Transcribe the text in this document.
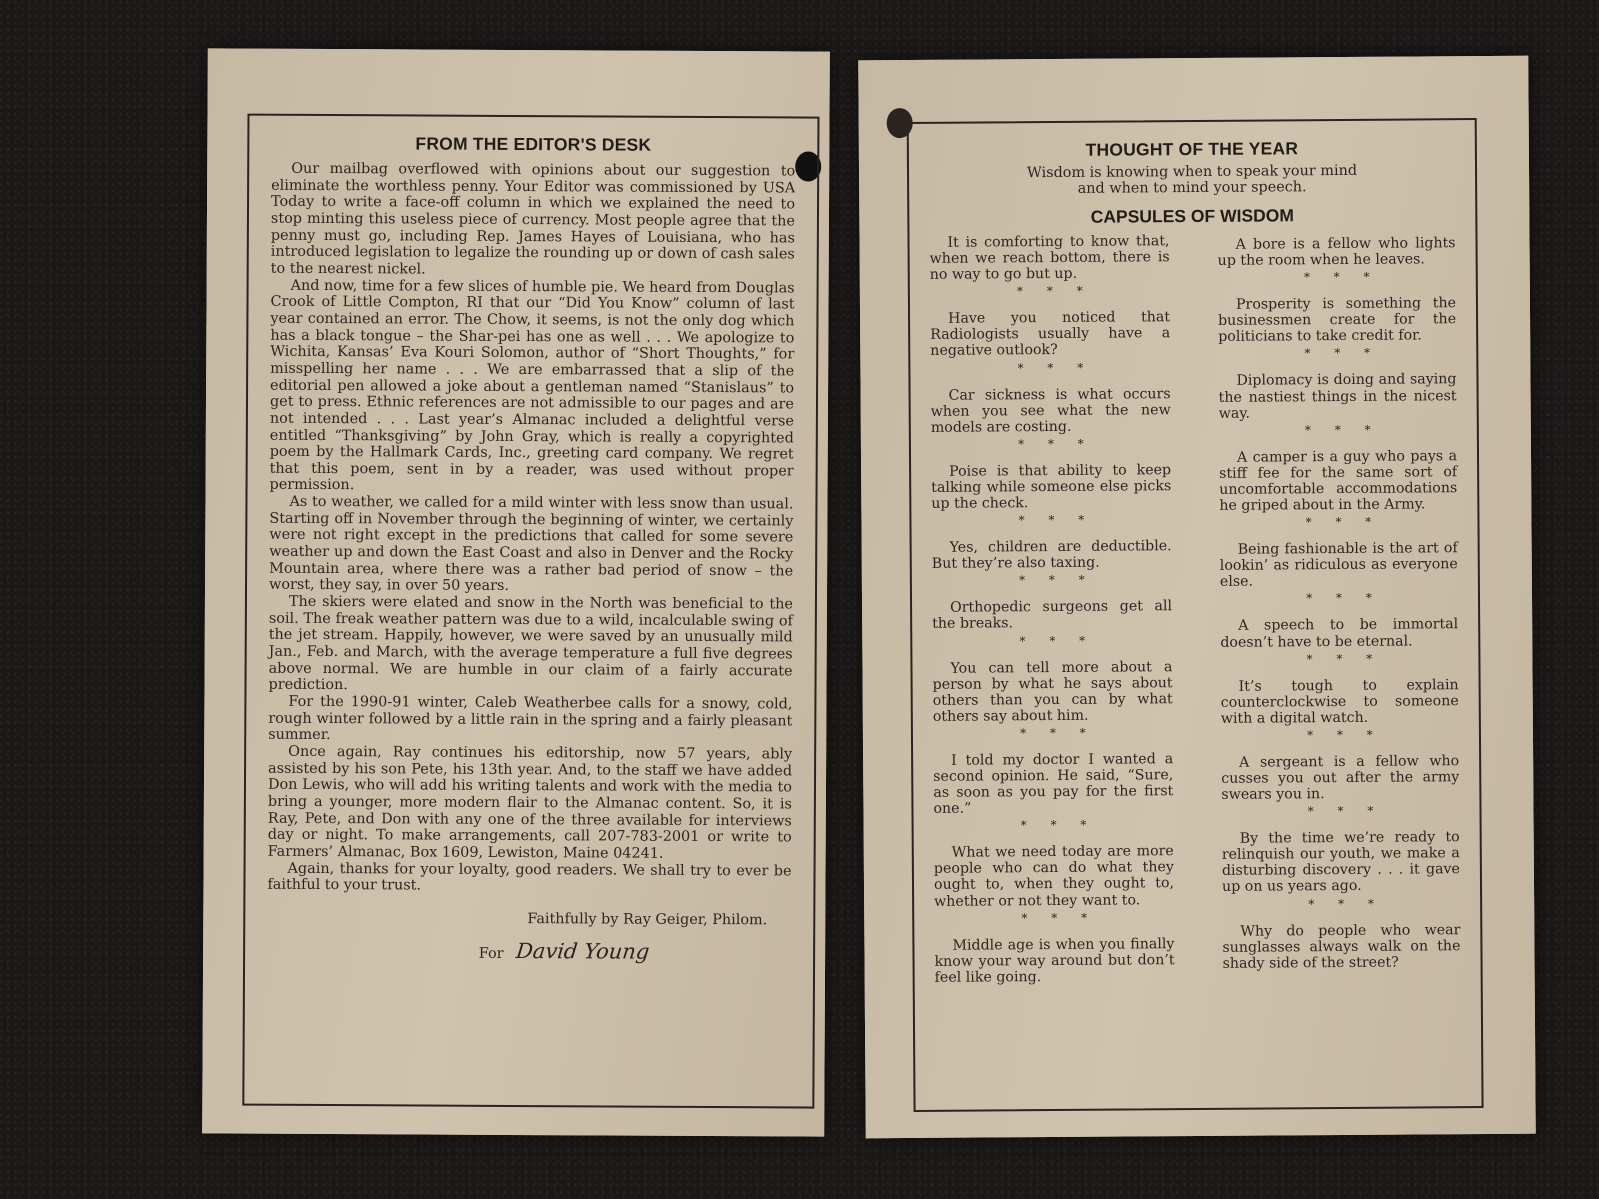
FROM THE EDITOR'S DESK

Our mailbag overflowed with opinions about our suggestion to eliminate the worthless penny. Your Editor was commissioned by USA Today to write a face-off column in which we explained the need to stop minting this useless piece of currency. Most people agree that the penny must go, including Rep. James Hayes of Louisiana, who has introduced legislation to legalize the rounding up or down of cash sales to the nearest nickel.

And now, time for a few slices of humble pie. We heard from Douglas Crook of Little Compton, RI that our “Did You Know” column of last year contained an error. The Chow, it seems, is not the only dog which has a black tongue – the Shar-pei has one as well . . . We apologize to Wichita, Kansas’ Eva Kouri Solomon, author of “Short Thoughts,” for misspelling her name . . . We are embarrassed that a slip of the editorial pen allowed a joke about a gentleman named “Stanislaus” to get to press. Ethnic references are not admissible to our pages and are not intended . . . Last year’s Almanac included a delightful verse entitled “Thanksgiving” by John Gray, which is really a copyrighted poem by the Hallmark Cards, Inc., greeting card company. We regret that this poem, sent in by a reader, was used without proper permission.

As to weather, we called for a mild winter with less snow than usual. Starting off in November through the beginning of winter, we certainly were not right except in the predictions that called for some severe weather up and down the East Coast and also in Denver and the Rocky Mountain area, where there was a rather bad period of snow – the worst, they say, in over 50 years.

The skiers were elated and snow in the North was beneficial to the soil. The freak weather pattern was due to a wild, incalculable swing of the jet stream. Happily, however, we were saved by an unusually mild Jan., Feb. and March, with the average temperature a full five degrees above normal. We are humble in our claim of a fairly accurate prediction.

For the 1990-91 winter, Caleb Weatherbee calls for a snowy, cold, rough winter followed by a little rain in the spring and a fairly pleasant summer.

Once again, Ray continues his editorship, now 57 years, ably assisted by his son Pete, his 13th year. And, to the staff we have added Don Lewis, who will add his writing talents and work with the media to bring a younger, more modern flair to the Almanac content. So, it is Ray, Pete, and Don with any one of the three available for interviews day or night. To make arrangements, call 207-783-2001 or write to Farmers’ Almanac, Box 1609, Lewiston, Maine 04241.

Again, thanks for your loyalty, good readers. We shall try to ever be faithful to your trust.

Faithfully by Ray Geiger, Philom.
For David Young
THOUGHT OF THE YEAR
Wisdom is knowing when to speak your mind
and when to mind your speech.
CAPSULES OF WISDOM
It is comforting to know that, when we reach bottom, there is no way to go but up.
* * *
Have you noticed that Radiologists usually have a negative outlook?
* * *
Car sickness is what occurs when you see what the new models are costing.
* * *
Poise is that ability to keep talking while someone else picks up the check.
* * *
Yes, children are deductible. But they’re also taxing.
* * *
Orthopedic surgeons get all the breaks.
* * *
You can tell more about a person by what he says about others than you can by what others say about him.
* * *
I told my doctor I wanted a second opinion. He said, “Sure, as soon as you pay for the first one.”
* * *
What we need today are more people who can do what they ought to, when they ought to, whether or not they want to.
* * *
Middle age is when you finally know your way around but don’t feel like going.
A bore is a fellow who lights up the room when he leaves.
* * *
Prosperity is something the businessmen create for the politicians to take credit for.
* * *
Diplomacy is doing and saying the nastiest things in the nicest way.
* * *
A camper is a guy who pays a stiff fee for the same sort of uncomfortable accommodations he griped about in the Army.
* * *
Being fashionable is the art of lookin’ as ridiculous as everyone else.
* * *
A speech to be immortal doesn’t have to be eternal.
* * *
It’s tough to explain counterclockwise to someone with a digital watch.
* * *
A sergeant is a fellow who cusses you out after the army swears you in.
* * *
By the time we’re ready to relinquish our youth, we make a disturbing discovery . . . it gave up on us years ago.
* * *
Why do people who wear sunglasses always walk on the shady side of the street?
